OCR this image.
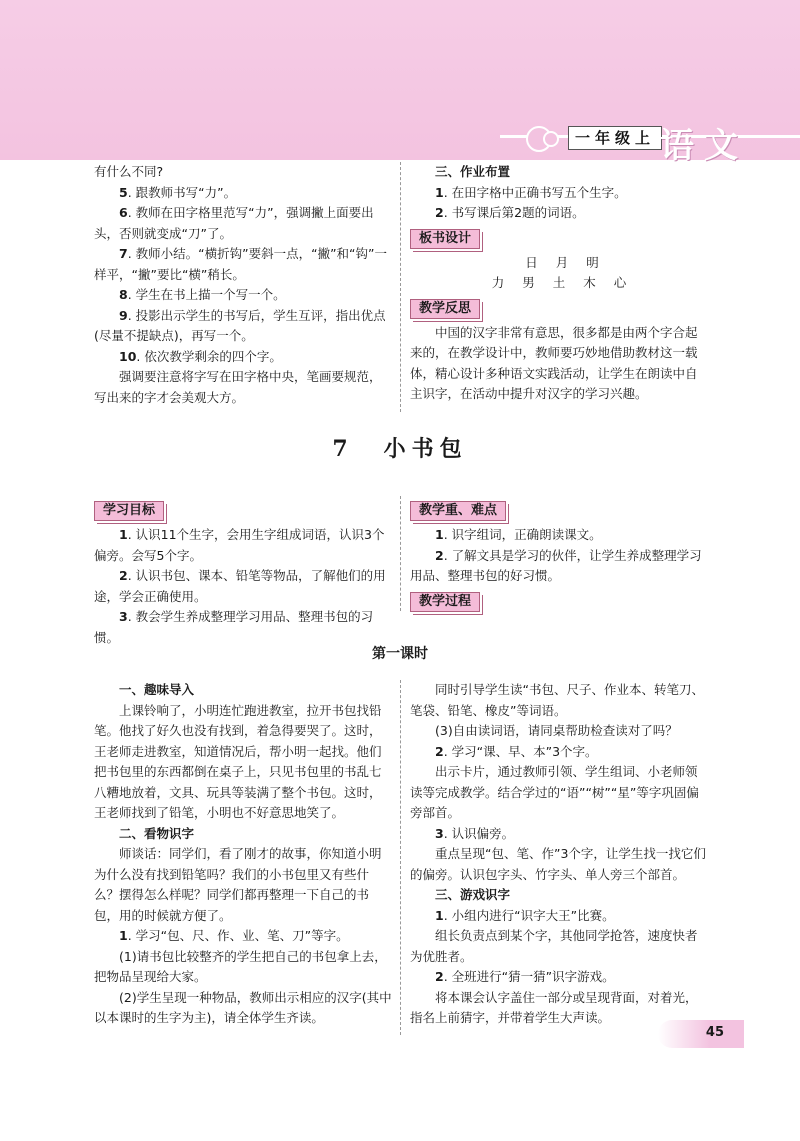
一年级上 语文

有什么不同?

5. 跟教师书写“力”。

6. 教师在田字格里范写“力”，强调撇上面要出头，否则就变成“刀”了。

7. 教师小结。“横折钩”要斜一点，“撇”和“钩”一样平，“撇”要比“横”稍长。

8. 学生在书上描一个写一个。

9. 投影出示学生的书写后，学生互评，指出优点(尽量不提缺点)，再写一个。

10. 依次教学剩余的四个字。

强调要注意将字写在田字格中央，笔画要规范，写出来的字才会美观大方。

三、作业布置

1. 在田字格中正确书写五个生字。

2. 书写课后第2题的词语。

板书设计

日 月 明

力 男 土 木 心

教学反思

中国的汉字非常有意思，很多都是由两个字合起来的，在教学设计中，教师要巧妙地借助教材这一载体，精心设计多种语文实践活动，让学生在朗读中自主识字，在活动中提升对汉字的学习兴趣。

7 小书包
学习目标

1. 认识11个生字，会用生字组成词语，认识3个偏旁。会写5个字。

2. 认识书包、课本、铅笔等物品，了解他们的用途，学会正确使用。

3. 教会学生养成整理学习用品、整理书包的习惯。

教学重、难点

1. 识字组词，正确朗读课文。

2. 了解文具是学习的伙伴，让学生养成整理学习用品、整理书包的好习惯。

教学过程
第一课时

一、趣味导入

上课铃响了，小明连忙跑进教室，拉开书包找铅笔。他找了好久也没有找到，着急得要哭了。这时，王老师走进教室，知道情况后，帮小明一起找。他们把书包里的东西都倒在桌子上，只见书包里的书乱七八糟地放着，文具、玩具等装满了整个书包。这时，王老师找到了铅笔，小明也不好意思地笑了。

二、看物识字

师谈话：同学们，看了刚才的故事，你知道小明为什么没有找到铅笔吗？我们的小书包里又有些什么？摆得怎么样呢？同学们都再整理一下自己的书包，用的时候就方便了。

1. 学习“包、尺、作、业、笔、刀”等字。

(1)请书包比较整齐的学生把自己的书包拿上去，把物品呈现给大家。

(2)学生呈现一种物品，教师出示相应的汉字(其中以本课时的生字为主)，请全体学生齐读。

同时引导学生读“书包、尺子、作业本、转笔刀、笔袋、铅笔、橡皮”等词语。

(3)自由读词语，请同桌帮助检查读对了吗？

2. 学习“课、早、本”3个字。

出示卡片，通过教师引领、学生组词、小老师领读等完成教学。结合学过的“语”“树”“星”等字巩固偏旁部首。

3. 认识偏旁。

重点呈现“包、笔、作”3个字，让学生找一找它们的偏旁。认识包字头、竹字头、单人旁三个部首。

三、游戏识字

1. 小组内进行“识字大王”比赛。

组长负责点到某个字，其他同学抢答，速度快者为优胜者。

2. 全班进行“猜一猜”识字游戏。

将本课会认字盖住一部分或呈现背面，对着光，指名上前猜字，并带着学生大声读。

45
